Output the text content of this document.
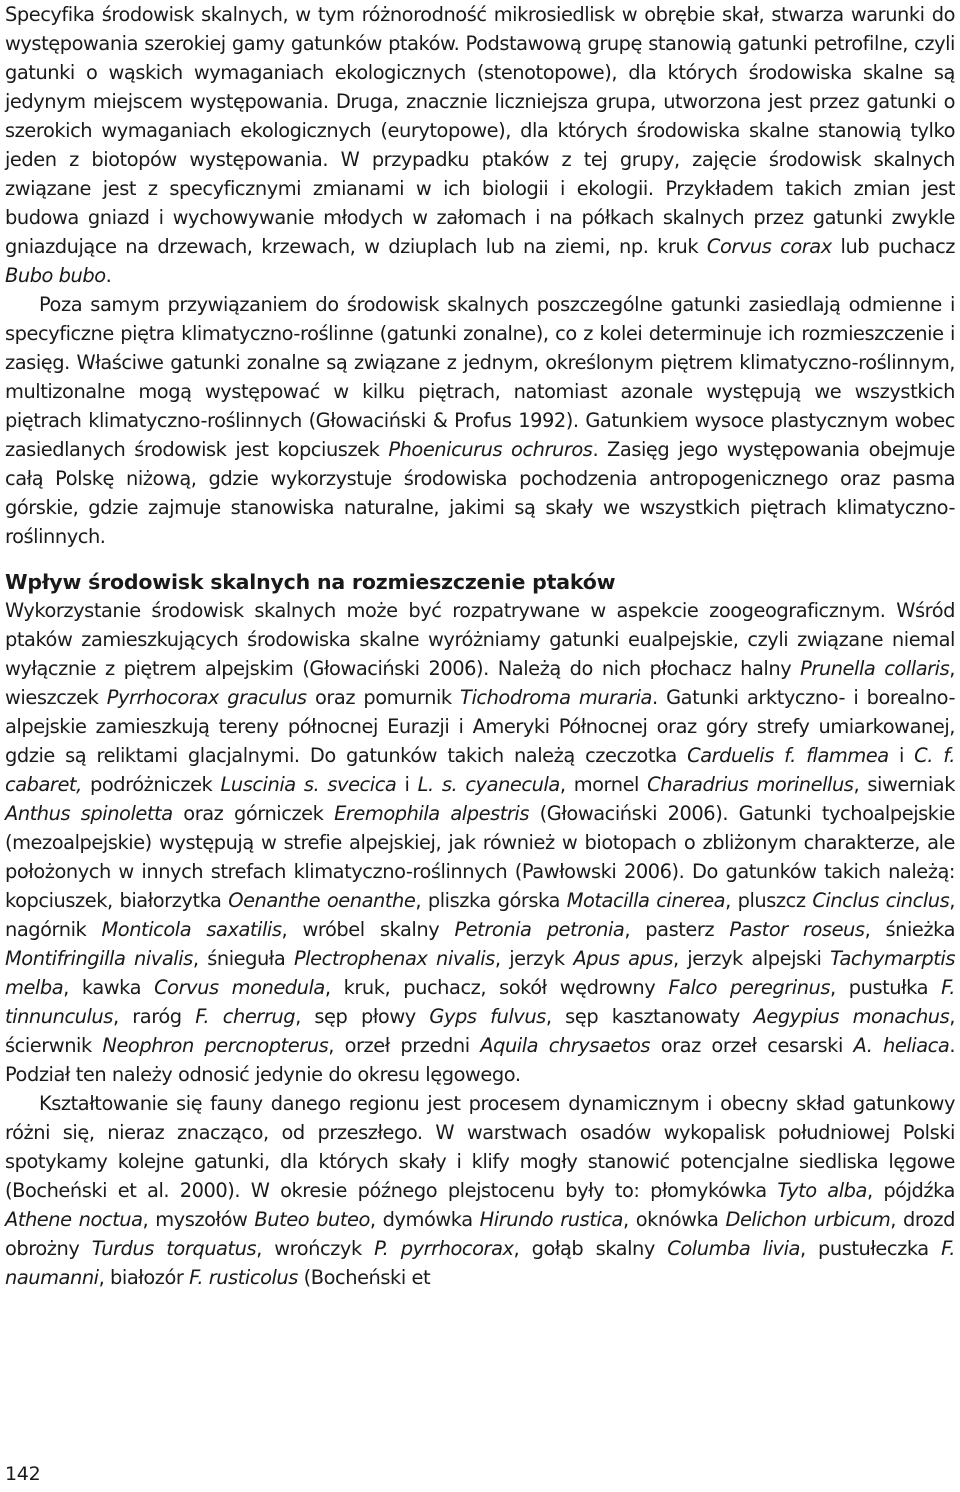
Specyfika środowisk skalnych, w tym różnorodność mikrosiedlisk w obrębie skał, stwarza warunki do występowania szerokiej gamy gatunków ptaków. Podstawową grupę stanowią gatunki petrofilne, czyli gatunki o wąskich wymaganiach ekologicznych (stenotopowe), dla których środowiska skalne są jedynym miejscem występowania. Druga, znacznie liczniejsza grupa, utworzona jest przez gatunki o szerokich wymaganiach ekologicznych (eurytopowe), dla których środowiska skalne stanowią tylko jeden z biotopów występowania. W przypadku ptaków z tej grupy, zajęcie środowisk skalnych związane jest z specyficznymi zmianami w ich biologii i ekologii. Przykładem takich zmian jest budowa gniazd i wychowywanie młodych w załomach i na półkach skalnych przez gatunki zwykle gniazdujące na drzewach, krzewach, w dziuplach lub na ziemi, np. kruk Corvus corax lub puchacz Bubo bubo.

Poza samym przywiązaniem do środowisk skalnych poszczególne gatunki zasiedlają odmienne i specyficzne piętra klimatyczno-roślinne (gatunki zonalne), co z kolei determinuje ich rozmieszczenie i zasięg. Właściwe gatunki zonalne są związane z jednym, określonym piętrem klimatyczno-roślinnym, multizonalne mogą występować w kilku piętrach, natomiast azonale występują we wszystkich piętrach klimatyczno-roślinnych (Głowaciński & Profus 1992). Gatunkiem wysoce plastycznym wobec zasiedlanych środowisk jest kopciuszek Phoenicurus ochruros. Zasięg jego występowania obejmuje całą Polskę niżową, gdzie wykorzystuje środowiska pochodzenia antropogenicznego oraz pasma górskie, gdzie zajmuje stanowiska naturalne, jakimi są skały we wszystkich piętrach klimatyczno-roślinnych.

Wpływ środowisk skalnych na rozmieszczenie ptaków

Wykorzystanie środowisk skalnych może być rozpatrywane w aspekcie zoogeograficznym. Wśród ptaków zamieszkujących środowiska skalne wyróżniamy gatunki eualpejskie, czyli związane niemal wyłącznie z piętrem alpejskim (Głowaciński 2006). Należą do nich płochacz halny Prunella collaris, wieszczek Pyrrhocorax graculus oraz pomurnik Tichodroma muraria. Gatunki arktyczno- i borealno-alpejskie zamieszkują tereny północnej Eurazji i Ameryki Północnej oraz góry strefy umiarkowanej, gdzie są reliktami glacjalnymi. Do gatunków takich należą czeczotka Carduelis f. flammea i C. f. cabaret, podróżniczek Luscinia s. svecica i L. s. cyanecula, mornel Charadrius morinellus, siwerniak Anthus spinoletta oraz górniczek Eremophila alpestris (Głowaciński 2006). Gatunki tychoalpejskie (mezoalpejskie) występują w strefie alpejskiej, jak również w biotopach o zbliżonym charakterze, ale położonych w innych strefach klimatyczno-roślinnych (Pawłowski 2006). Do gatunków takich należą: kopciuszek, białorzytka Oenanthe oenanthe, pliszka górska Motacilla cinerea, pluszcz Cinclus cinclus, nagórnik Monticola saxatilis, wróbel skalny Petronia petronia, pasterz Pastor roseus, śnieżka Montifringilla nivalis, śnieguła Plectrophenax nivalis, jerzyk Apus apus, jerzyk alpejski Tachymarptis melba, kawka Corvus monedula, kruk, puchacz, sokół wędrowny Falco peregrinus, pustułka F. tinnunculus, raróg F. cherrug, sęp płowy Gyps fulvus, sęp kasztanowaty Aegypius monachus, ścierwnik Neophron percnopterus, orzeł przedni Aquila chrysaetos oraz orzeł cesarski A. heliaca. Podział ten należy odnosić jedynie do okresu lęgowego.

Kształtowanie się fauny danego regionu jest procesem dynamicznym i obecny skład gatunkowy różni się, nieraz znacząco, od przeszłego. W warstwach osadów wykopalisk południowej Polski spotykamy kolejne gatunki, dla których skały i klify mogły stanowić potencjalne siedliska lęgowe (Bocheński et al. 2000). W okresie późnego plejstocenu były to: płomykówka Tyto alba, pójdźka Athene noctua, myszołów Buteo buteo, dymówka Hirundo rustica, oknówka Delichon urbicum, drozd obrożny Turdus torquatus, wrończyk P. pyrrhocorax, gołąb skalny Columba livia, pustułeczka F. naumanni, białozór F. rusticolus (Bocheński et

142
